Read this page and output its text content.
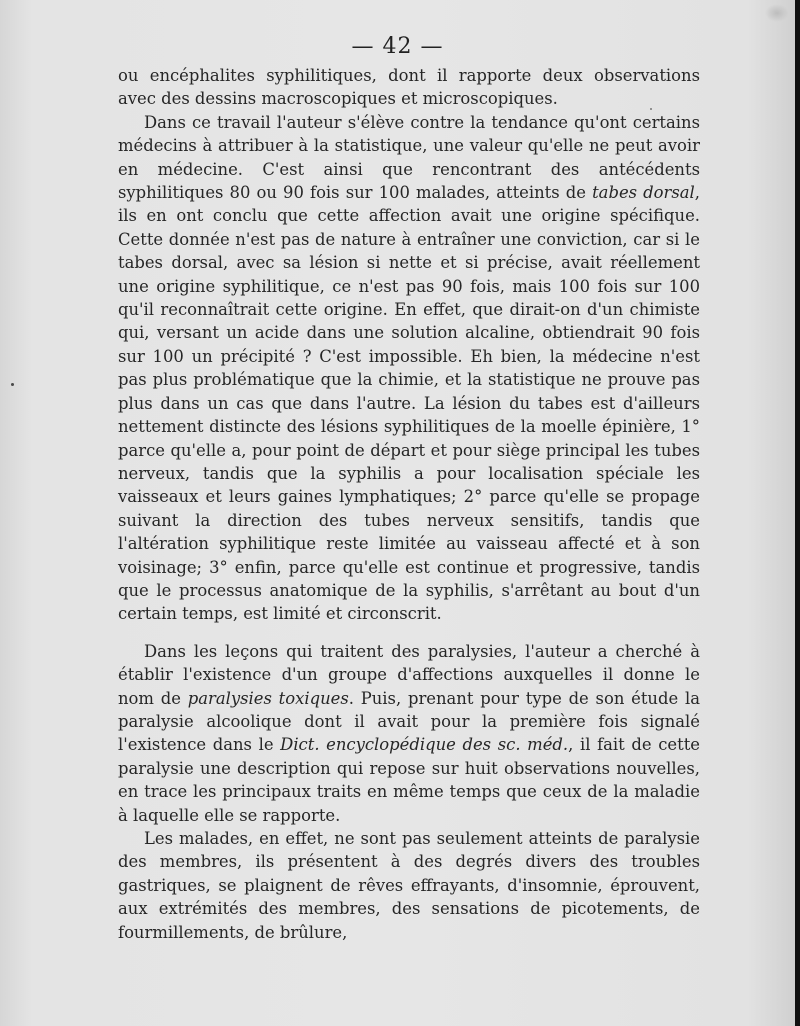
— 42 —

ou encéphalites syphilitiques, dont il rapporte deux observations avec des dessins macroscopiques et microscopiques.

Dans ce travail l'auteur s'élève contre la tendance qu'ont certains médecins à attribuer à la statistique, une valeur qu'elle ne peut avoir en médecine. C'est ainsi que rencontrant des antécédents syphilitiques 80 ou 90 fois sur 100 malades, atteints de tabes dorsal, ils en ont conclu que cette affection avait une origine spécifique. Cette donnée n'est pas de nature à entraîner une conviction, car si le tabes dorsal, avec sa lésion si nette et si précise, avait réellement une origine syphilitique, ce n'est pas 90 fois, mais 100 fois sur 100 qu'il reconnaîtrait cette origine. En effet, que dirait-on d'un chimiste qui, versant un acide dans une solution alcaline, obtiendrait 90 fois sur 100 un précipité ? C'est impossible. Eh bien, la médecine n'est pas plus problématique que la chimie, et la statistique ne prouve pas plus dans un cas que dans l'autre. La lésion du tabes est d'ailleurs nettement distincte des lésions syphilitiques de la moelle épinière, 1° parce qu'elle a, pour point de départ et pour siège principal les tubes nerveux, tandis que la syphilis a pour localisation spéciale les vaisseaux et leurs gaines lymphatiques; 2° parce qu'elle se propage suivant la direction des tubes nerveux sensitifs, tandis que l'altération syphilitique reste limitée au vaisseau affecté et à son voisinage; 3° enfin, parce qu'elle est continue et progressive, tandis que le processus anatomique de la syphilis, s'arrêtant au bout d'un certain temps, est limité et circonscrit.

Dans les leçons qui traitent des paralysies, l'auteur a cherché à établir l'existence d'un groupe d'affections auxquelles il donne le nom de paralysies toxiques. Puis, prenant pour type de son étude la paralysie alcoolique dont il avait pour la première fois signalé l'existence dans le Dict. encyclopédique des sc. méd., il fait de cette paralysie une description qui repose sur huit observations nouvelles, en trace les principaux traits en même temps que ceux de la maladie à laquelle elle se rapporte.

Les malades, en effet, ne sont pas seulement atteints de paralysie des membres, ils présentent à des degrés divers des troubles gastriques, se plaignent de rêves effrayants, d'insomnie, éprouvent, aux extrémités des membres, des sensations de picotements, de fourmillements, de brûlure,
